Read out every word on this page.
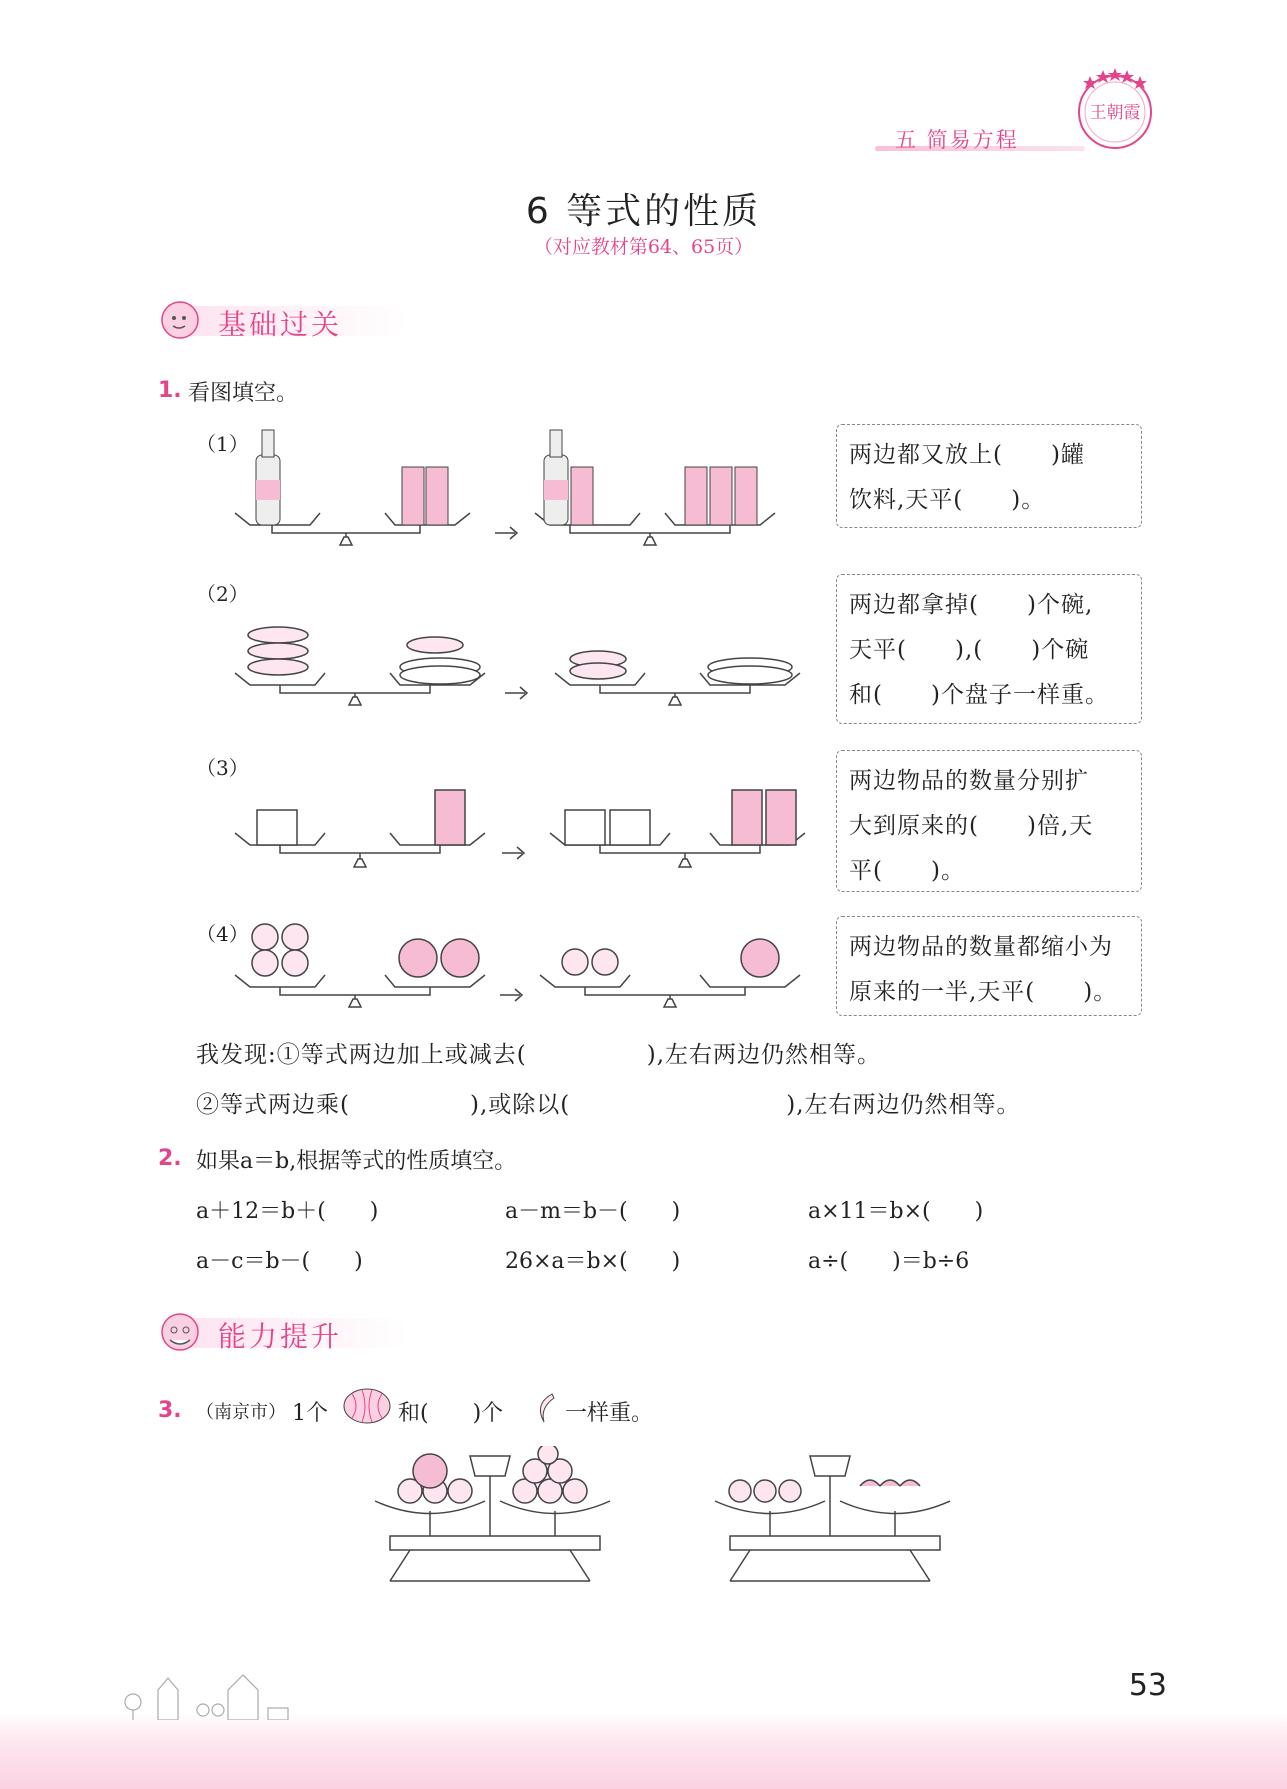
五 简易方程
王朝霞
6 等式的性质
（对应教材第64、65页）
基础过关
1. 看图填空。
（1）	两边都又放上(　　)罐
饮料,天平(　　)。
（2）	两边都拿掉(　　)个碗,
天平(　　),(　　)个碗
和(　　)个盘子一样重。
（3）	两边物品的数量分别扩
大到原来的(　　)倍,天
平(　　)。
（4）	两边物品的数量都缩小为
原来的一半,天平(　　)。
我发现:①等式两边加上或减去(　　　　　),左右两边仍然相等。
②等式两边乘(　　　　　),或除以(　　　　　　　　　),左右两边仍然相等。
2. 如果a＝b,根据等式的性质填空。
a＋12＝b＋(　　)	a－m＝b－(　　)	a×11＝b×(　　)
a－c＝b－(　　)	26×a＝b×(　　)	a÷(　　)＝b÷6
能力提升
3. （南京市） 1个	和(　　)个	一样重。
53
